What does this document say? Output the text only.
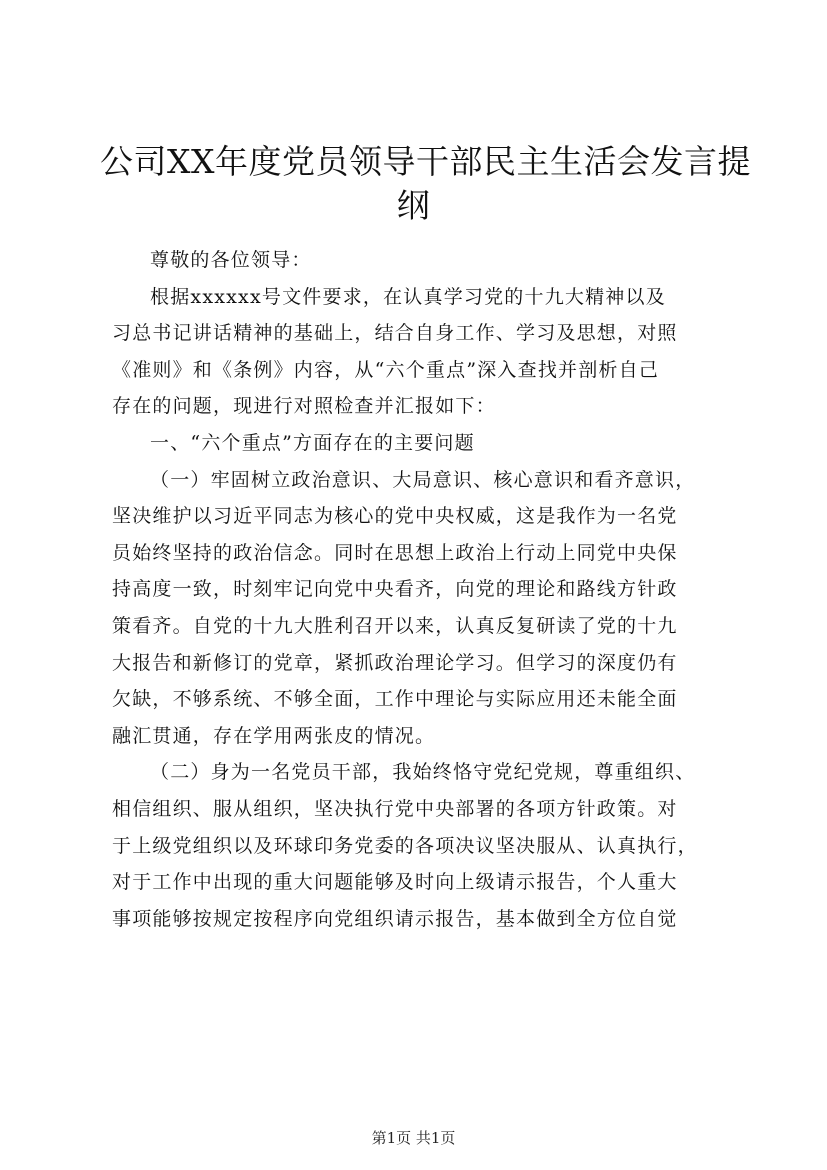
公司XX年度党员领导干部民主生活会发言提
纲
尊敬的各位领导：
根据xxxxxx号文件要求，在认真学习党的十九大精神以及
习总书记讲话精神的基础上，结合自身工作、学习及思想，对照
《准则》和《条例》内容，从“六个重点”深入查找并剖析自己
存在的问题，现进行对照检查并汇报如下：
一、“六个重点”方面存在的主要问题
（一）牢固树立政治意识、大局意识、核心意识和看齐意识，
坚决维护以习近平同志为核心的党中央权威，这是我作为一名党
员始终坚持的政治信念。同时在思想上政治上行动上同党中央保
持高度一致，时刻牢记向党中央看齐，向党的理论和路线方针政
策看齐。自党的十九大胜利召开以来，认真反复研读了党的十九
大报告和新修订的党章，紧抓政治理论学习。但学习的深度仍有
欠缺，不够系统、不够全面，工作中理论与实际应用还未能全面
融汇贯通，存在学用两张皮的情况。
（二）身为一名党员干部，我始终恪守党纪党规，尊重组织、
相信组织、服从组织，坚决执行党中央部署的各项方针政策。对
于上级党组织以及环球印务党委的各项决议坚决服从、认真执行，
对于工作中出现的重大问题能够及时向上级请示报告，个人重大
事项能够按规定按程序向党组织请示报告，基本做到全方位自觉
第1页 共1页
